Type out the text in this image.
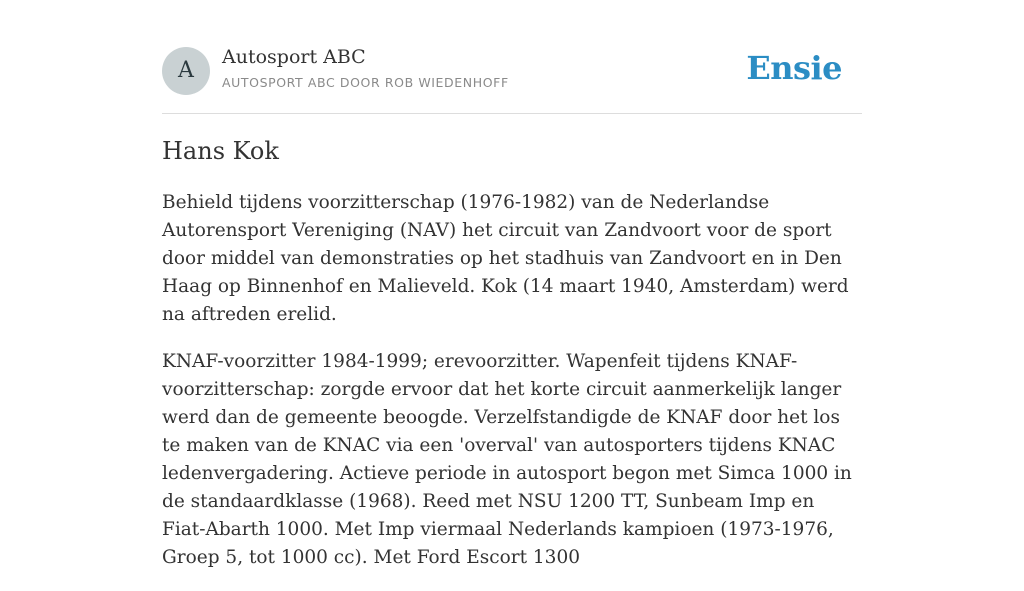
A
Autosport ABC
AUTOSPORT ABC DOOR ROB WIEDENHOFF	Ensie
Hans Kok

Behield tijdens voorzitterschap (1976-1982) van de Nederlandse Autorensport Vereniging (NAV) het circuit van Zandvoort voor de sport door middel van demonstraties op het stadhuis van Zandvoort en in Den Haag op Binnenhof en Malieveld. Kok (14 maart 1940, Amsterdam) werd na aftreden erelid.

KNAF-voorzitter 1984-1999; erevoorzitter. Wapenfeit tijdens KNAF-voorzitterschap: zorgde ervoor dat het korte circuit aanmerkelijk langer werd dan de gemeente beoogde. Verzelfstandigde de KNAF door het los te maken van de KNAC via een 'overval' van autosporters tijdens KNAC ledenvergadering. Actieve periode in autosport begon met Simca 1000 in de standaardklasse (1968). Reed met NSU 1200 TT, Sunbeam Imp en Fiat-Abarth 1000. Met Imp viermaal Nederlands kampioen (1973-1976, Groep 5, tot 1000 cc). Met Ford Escort 1300
